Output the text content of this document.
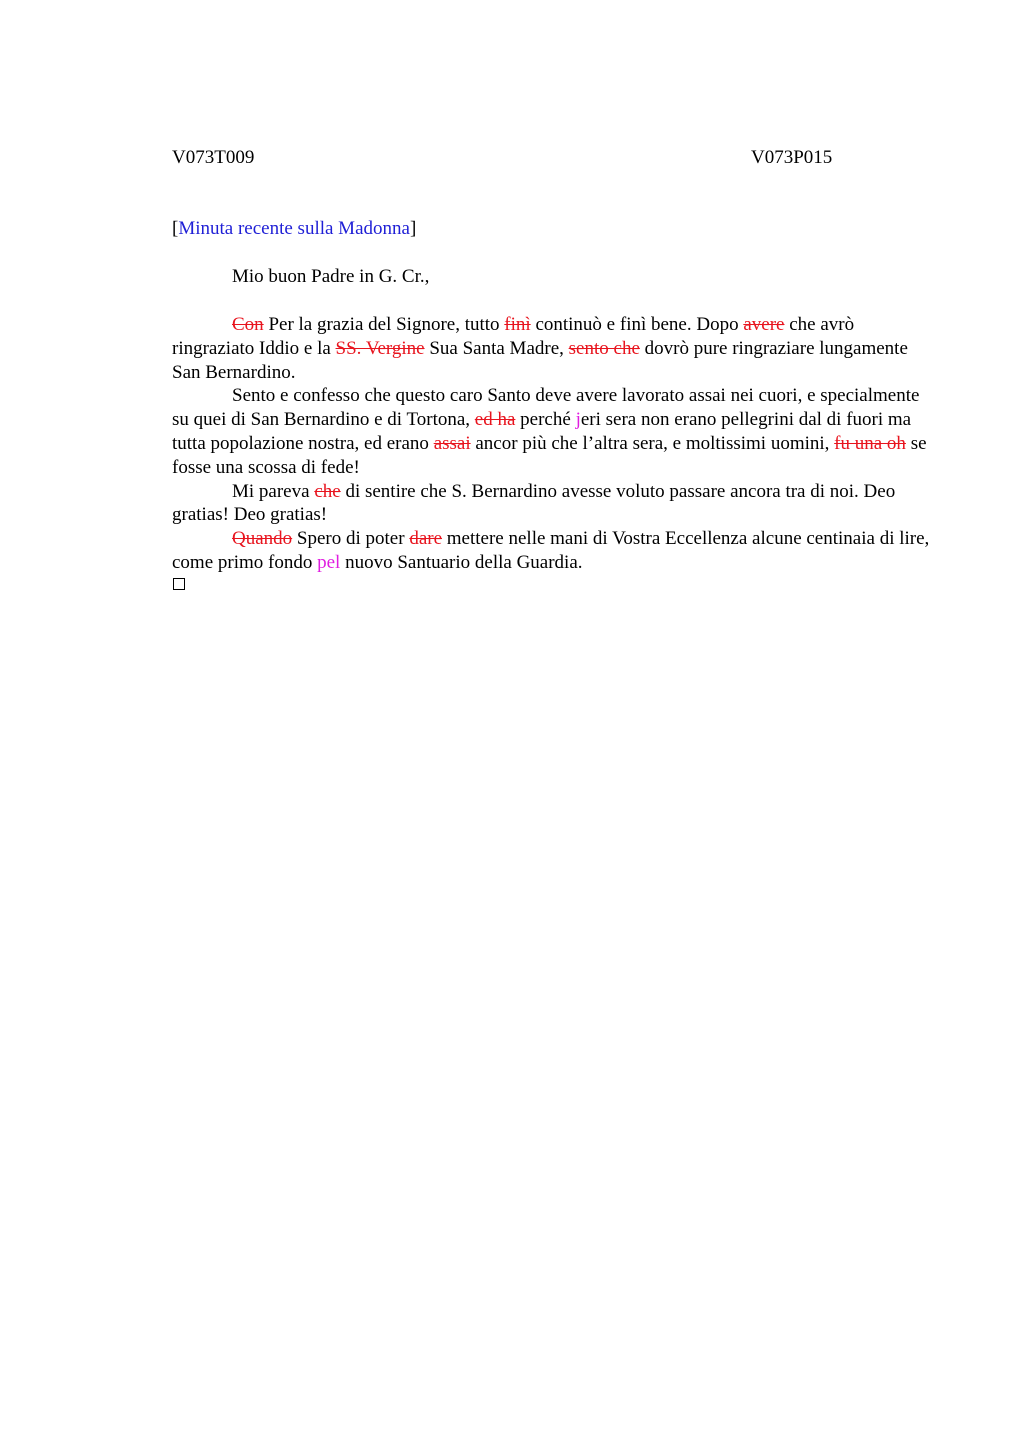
V073T009	V073P015
[Minuta recente sulla Madonna]
Mio buon Padre in G. Cr.,

Con Per la grazia del Signore, tutto finì continuò e finì bene. Dopo avere che avrò ringraziato Iddio e la SS. Vergine Sua Santa Madre, sento che dovrò pure ringraziare lungamente San Bernardino.

Sento e confesso che questo caro Santo deve avere lavorato assai nei cuori, e specialmente su quei di San Bernardino e di Tortona, ed ha perché jeri sera non erano pellegrini dal di fuori ma tutta popolazione nostra, ed erano assai ancor più che l’altra sera, e moltissimi uomini, fu una oh se fosse una scossa di fede!

Mi pareva che di sentire che S. Bernardino avesse voluto passare ancora tra di noi. Deo gratias! Deo gratias!

Quando Spero di poter dare mettere nelle mani di Vostra Eccellenza alcune centinaia di lire, come primo fondo pel nuovo Santuario della Guardia.
